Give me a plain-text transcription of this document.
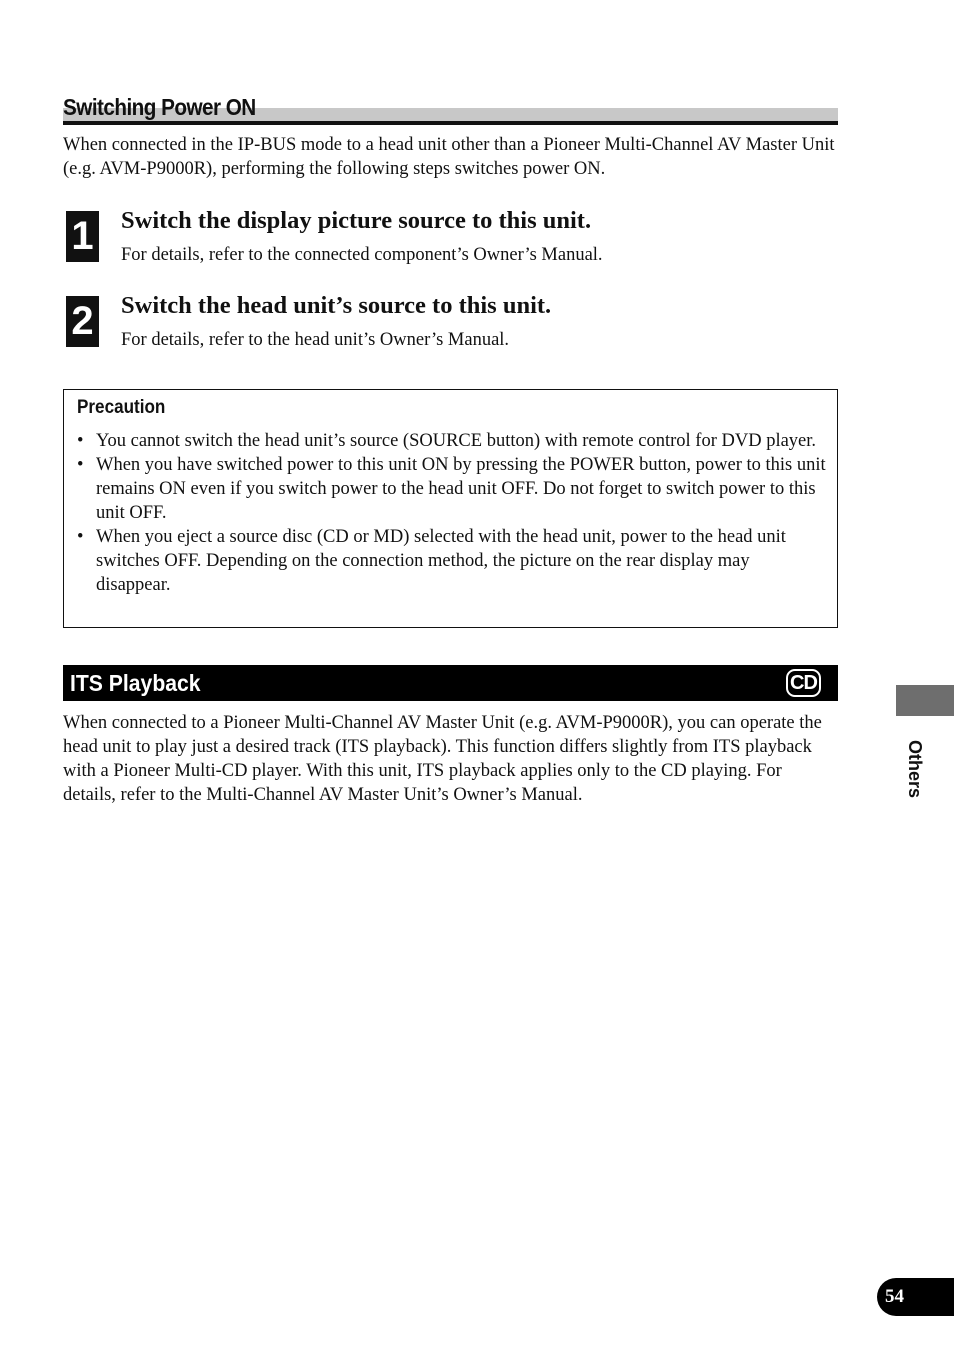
Switching Power ON

When connected in the IP-BUS mode to a head unit other than a Pioneer Multi-Channel AV Master Unit (e.g. AVM-P9000R), performing the following steps switches power ON.

1 Switch the display picture source to this unit.
For details, refer to the connected component’s Owner’s Manual.
2 Switch the head unit’s source to this unit.
For details, refer to the head unit’s Owner’s Manual.
Precaution
• You cannot switch the head unit’s source (SOURCE button) with remote control for DVD player.
• When you have switched power to this unit ON by pressing the POWER button, power to this unit remains ON even if you switch power to the head unit OFF. Do not forget to switch power to this unit OFF.
• When you eject a source disc (CD or MD) selected with the head unit, power to the head unit switches OFF. Depending on the connection method, the picture on the rear display may disappear.
ITS Playback	CD

When connected to a Pioneer Multi-Channel AV Master Unit (e.g. AVM-P9000R), you can operate the head unit to play just a desired track (ITS playback). This function differs slightly from ITS playback with a Pioneer Multi-CD player. With this unit, ITS playback applies only to the CD playing. For details, refer to the Multi-Channel AV Master Unit’s Owner’s Manual.	Others
54
